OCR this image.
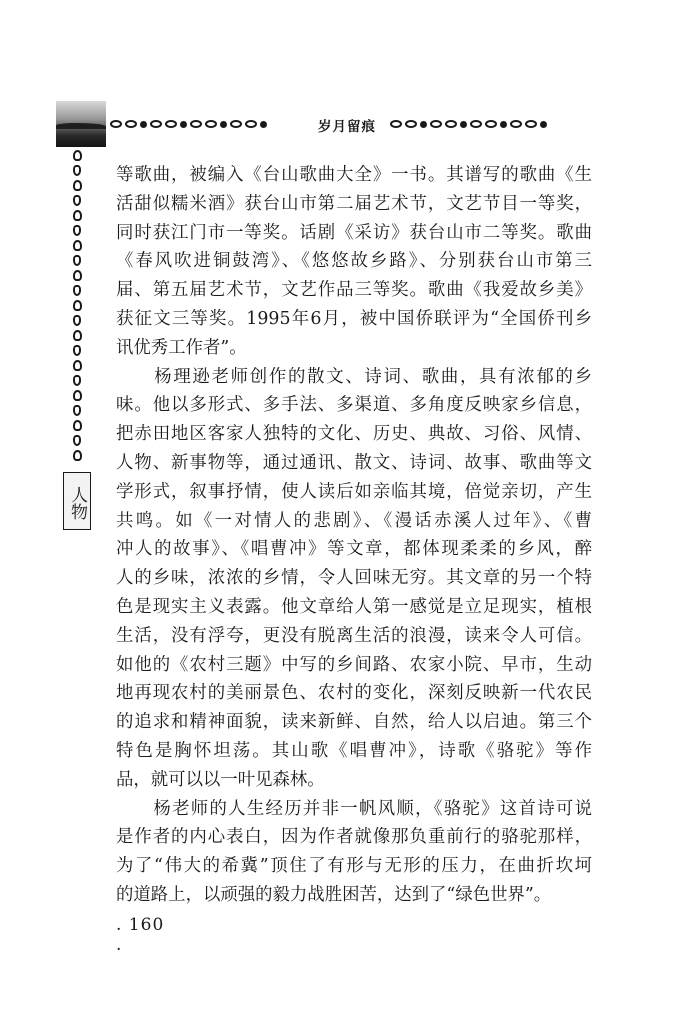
岁月留痕
人物

等歌曲，被编入《台山歌曲大全》一书。其谱写的歌曲《生
活甜似糯米酒》获台山市第二届艺术节，文艺节目一等奖，
同时获江门市一等奖。话剧《采访》获台山市二等奖。歌曲
《春风吹进铜鼓湾》、《悠悠故乡路》、分别获台山市第三
届、第五届艺术节，文艺作品三等奖。歌曲《我爱故乡美》
获征文三等奖。1995年6月，被中国侨联评为“全国侨刊乡
讯优秀工作者”。

　　杨理逊老师创作的散文、诗词、歌曲，具有浓郁的乡
味。他以多形式、多手法、多渠道、多角度反映家乡信息，
把赤田地区客家人独特的文化、历史、典故、习俗、风情、
人物、新事物等，通过通讯、散文、诗词、故事、歌曲等文
学形式，叙事抒情，使人读后如亲临其境，倍觉亲切，产生
共鸣。如《一对情人的悲剧》、《漫话赤溪人过年》、《曹
冲人的故事》、《唱曹冲》等文章，都体现柔柔的乡风，醉
人的乡味，浓浓的乡情，令人回味无穷。其文章的另一个特
色是现实主义表露。他文章给人第一感觉是立足现实，植根
生活，没有浮夸，更没有脱离生活的浪漫，读来令人可信。
如他的《农村三题》中写的乡间路、农家小院、早市，生动
地再现农村的美丽景色、农村的变化，深刻反映新一代农民
的追求和精神面貌，读来新鲜、自然，给人以启迪。第三个
特色是胸怀坦荡。其山歌《唱曹冲》，诗歌《骆驼》等作
品，就可以以一叶见森林。

　　杨老师的人生经历并非一帆风顺，《骆驼》这首诗可说
是作者的内心表白，因为作者就像那负重前行的骆驼那样，
为了“伟大的希冀”顶住了有形与无形的压力，在曲折坎坷
的道路上，以顽强的毅力战胜困苦，达到了“绿色世界”。

. 160 .
